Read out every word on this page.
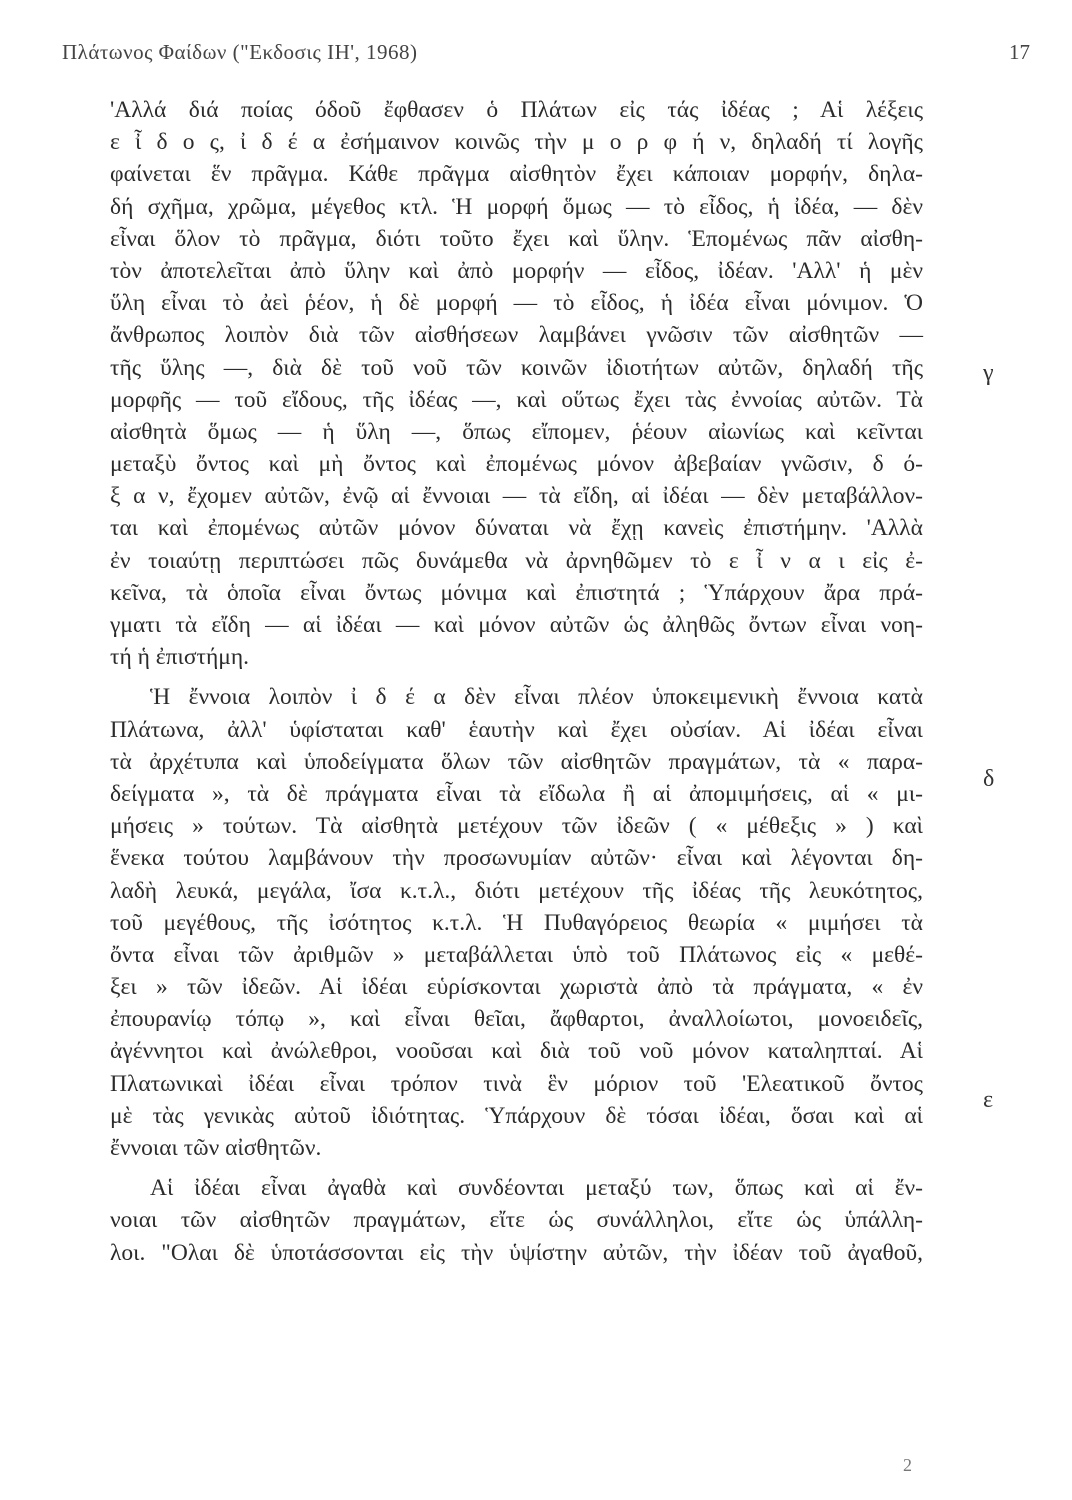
Πλάτωνος Φαίδων ("Εκδοσις ΙΗ', 1968)	17
'Αλλά διά ποίας όδοῦ ἔφθασεν ὁ Πλάτων εἰς τάς ἰδέας ; Αἱ λέξεις
ε ἶ δ ο ς, ἰ δ έ α ἐσήμαινον κοινῶς τὴν μ ο ρ φ ή ν, δηλαδή τί λογῆς
φαίνεται ἕν πρᾶγμα. Κάθε πρᾶγμα αἰσθητὸν ἔχει κάποιαν μορφήν, δηλα-
δή σχῆμα, χρῶμα, μέγεθος κτλ. Ἡ μορφή ὅμως — τὸ εἶδος, ἡ ἰδέα, — δὲν
εἶναι ὅλον τὸ πρᾶγμα, διότι τοῦτο ἔχει καὶ ὕλην. Ἑπομένως πᾶν αἰσθη-
τὸν ἀποτελεῖται ἀπὸ ὕλην καὶ ἀπὸ μορφήν — εἶδος, ἰδέαν. 'Αλλ' ἡ μὲν
ὕλη εἶναι τὸ ἀεὶ ῥέον, ἡ δὲ μορφή — τὸ εἶδος, ἡ ἰδέα εἶναι μόνιμον. Ὁ
ἄνθρωπος λοιπὸν διὰ τῶν αἰσθήσεων λαμβάνει γνῶσιν τῶν αἰσθητῶν —
τῆς ὕλης —, διὰ δὲ τοῦ νοῦ τῶν κοινῶν ἰδιοτήτων αὐτῶν, δηλαδή τῆς
μορφῆς — τοῦ εἴδους, τῆς ἰδέας —, καὶ οὕτως ἔχει τὰς ἐννοίας αὐτῶν. Τὰ
αἰσθητὰ ὅμως — ἡ ὕλη —, ὅπως εἴπομεν, ῥέουν αἰωνίως καὶ κεῖνται
μεταξὺ ὄντος καὶ μὴ ὄντος καὶ ἐπομένως μόνον ἀβεβαίαν γνῶσιν, δ ό-
ξ α ν, ἔχομεν αὐτῶν, ἐνῷ αἱ ἔννοιαι — τὰ εἴδη, αἱ ἰδέαι — δὲν μεταβάλλον-
ται καὶ ἐπομένως αὐτῶν μόνον δύναται νὰ ἔχῃ κανεὶς ἐπιστήμην. 'Αλλὰ
ἐν τοιαύτῃ περιπτώσει πῶς δυνάμεθα νὰ ἀρνηθῶμεν τὸ ε ἶ ν α ι εἰς ἐ-
κεῖνα, τὰ ὁποῖα εἶναι ὄντως μόνιμα καὶ ἐπιστητά ; Ὑπάρχουν ἄρα πρά-
γματι τὰ εἴδη — αἱ ἰδέαι — καὶ μόνον αὐτῶν ὡς ἀληθῶς ὄντων εἶναι νοη-
τή ἡ ἐπιστήμη.
Ἡ ἔννοια λοιπὸν ἰ δ έ α δὲν εἶναι πλέον ὑποκειμενικὴ ἔννοια κατὰ
Πλάτωνα, ἀλλ' ὑφίσταται καθ' ἑαυτὴν καὶ ἔχει οὐσίαν. Αἱ ἰδέαι εἶναι
τὰ ἀρχέτυπα καὶ ὑποδείγματα ὅλων τῶν αἰσθητῶν πραγμάτων, τὰ « παρα-
δείγματα », τὰ δὲ πράγματα εἶναι τὰ εἴδωλα ἢ αἱ ἀπομιμήσεις, αἱ « μι-
μήσεις » τούτων. Τὰ αἰσθητὰ μετέχουν τῶν ἰδεῶν ( « μέθεξις » ) καὶ
ἕνεκα τούτου λαμβάνουν τὴν προσωνυμίαν αὐτῶν· εἶναι καὶ λέγονται δη-
λαδὴ λευκά, μεγάλα, ἴσα κ.τ.λ., διότι μετέχουν τῆς ἰδέας τῆς λευκότητος,
τοῦ μεγέθους, τῆς ἰσότητος κ.τ.λ. Ἡ Πυθαγόρειος θεωρία « μιμήσει τὰ
ὄντα εἶναι τῶν ἀριθμῶν » μεταβάλλεται ὑπὸ τοῦ Πλάτωνος εἰς « μεθέ-
ξει » τῶν ἰδεῶν. Αἱ ἰδέαι εὑρίσκονται χωριστὰ ἀπὸ τὰ πράγματα, « ἐν
ἐπουρανίῳ τόπῳ », καὶ εἶναι θεῖαι, ἄφθαρτοι, ἀναλλοίωτοι, μονοειδεῖς,
ἀγέννητοι καὶ ἀνώλεθροι, νοοῦσαι καὶ διὰ τοῦ νοῦ μόνον καταληπταί. Αἱ
Πλατωνικαὶ ἰδέαι εἶναι τρόπον τινὰ ἓν μόριον τοῦ 'Ελεατικοῦ ὄντος
μὲ τὰς γενικὰς αὐτοῦ ἰδιότητας. Ὑπάρχουν δὲ τόσαι ἰδέαι, ὅσαι καὶ αἱ
ἔννοιαι τῶν αἰσθητῶν.
Αἱ ἰδέαι εἶναι ἀγαθὰ καὶ συνδέονται μεταξύ των, ὅπως καὶ αἱ ἔν-
νοιαι τῶν αἰσθητῶν πραγμάτων, εἴτε ὡς συνάλληλοι, εἴτε ὡς ὑπάλλη-
λοι. "Ολαι δὲ ὑποτάσσονται εἰς τὴν ὑψίστην αὐτῶν, τὴν ἰδέαν τοῦ ἀγαθοῦ,
γ
δ
ε
2
